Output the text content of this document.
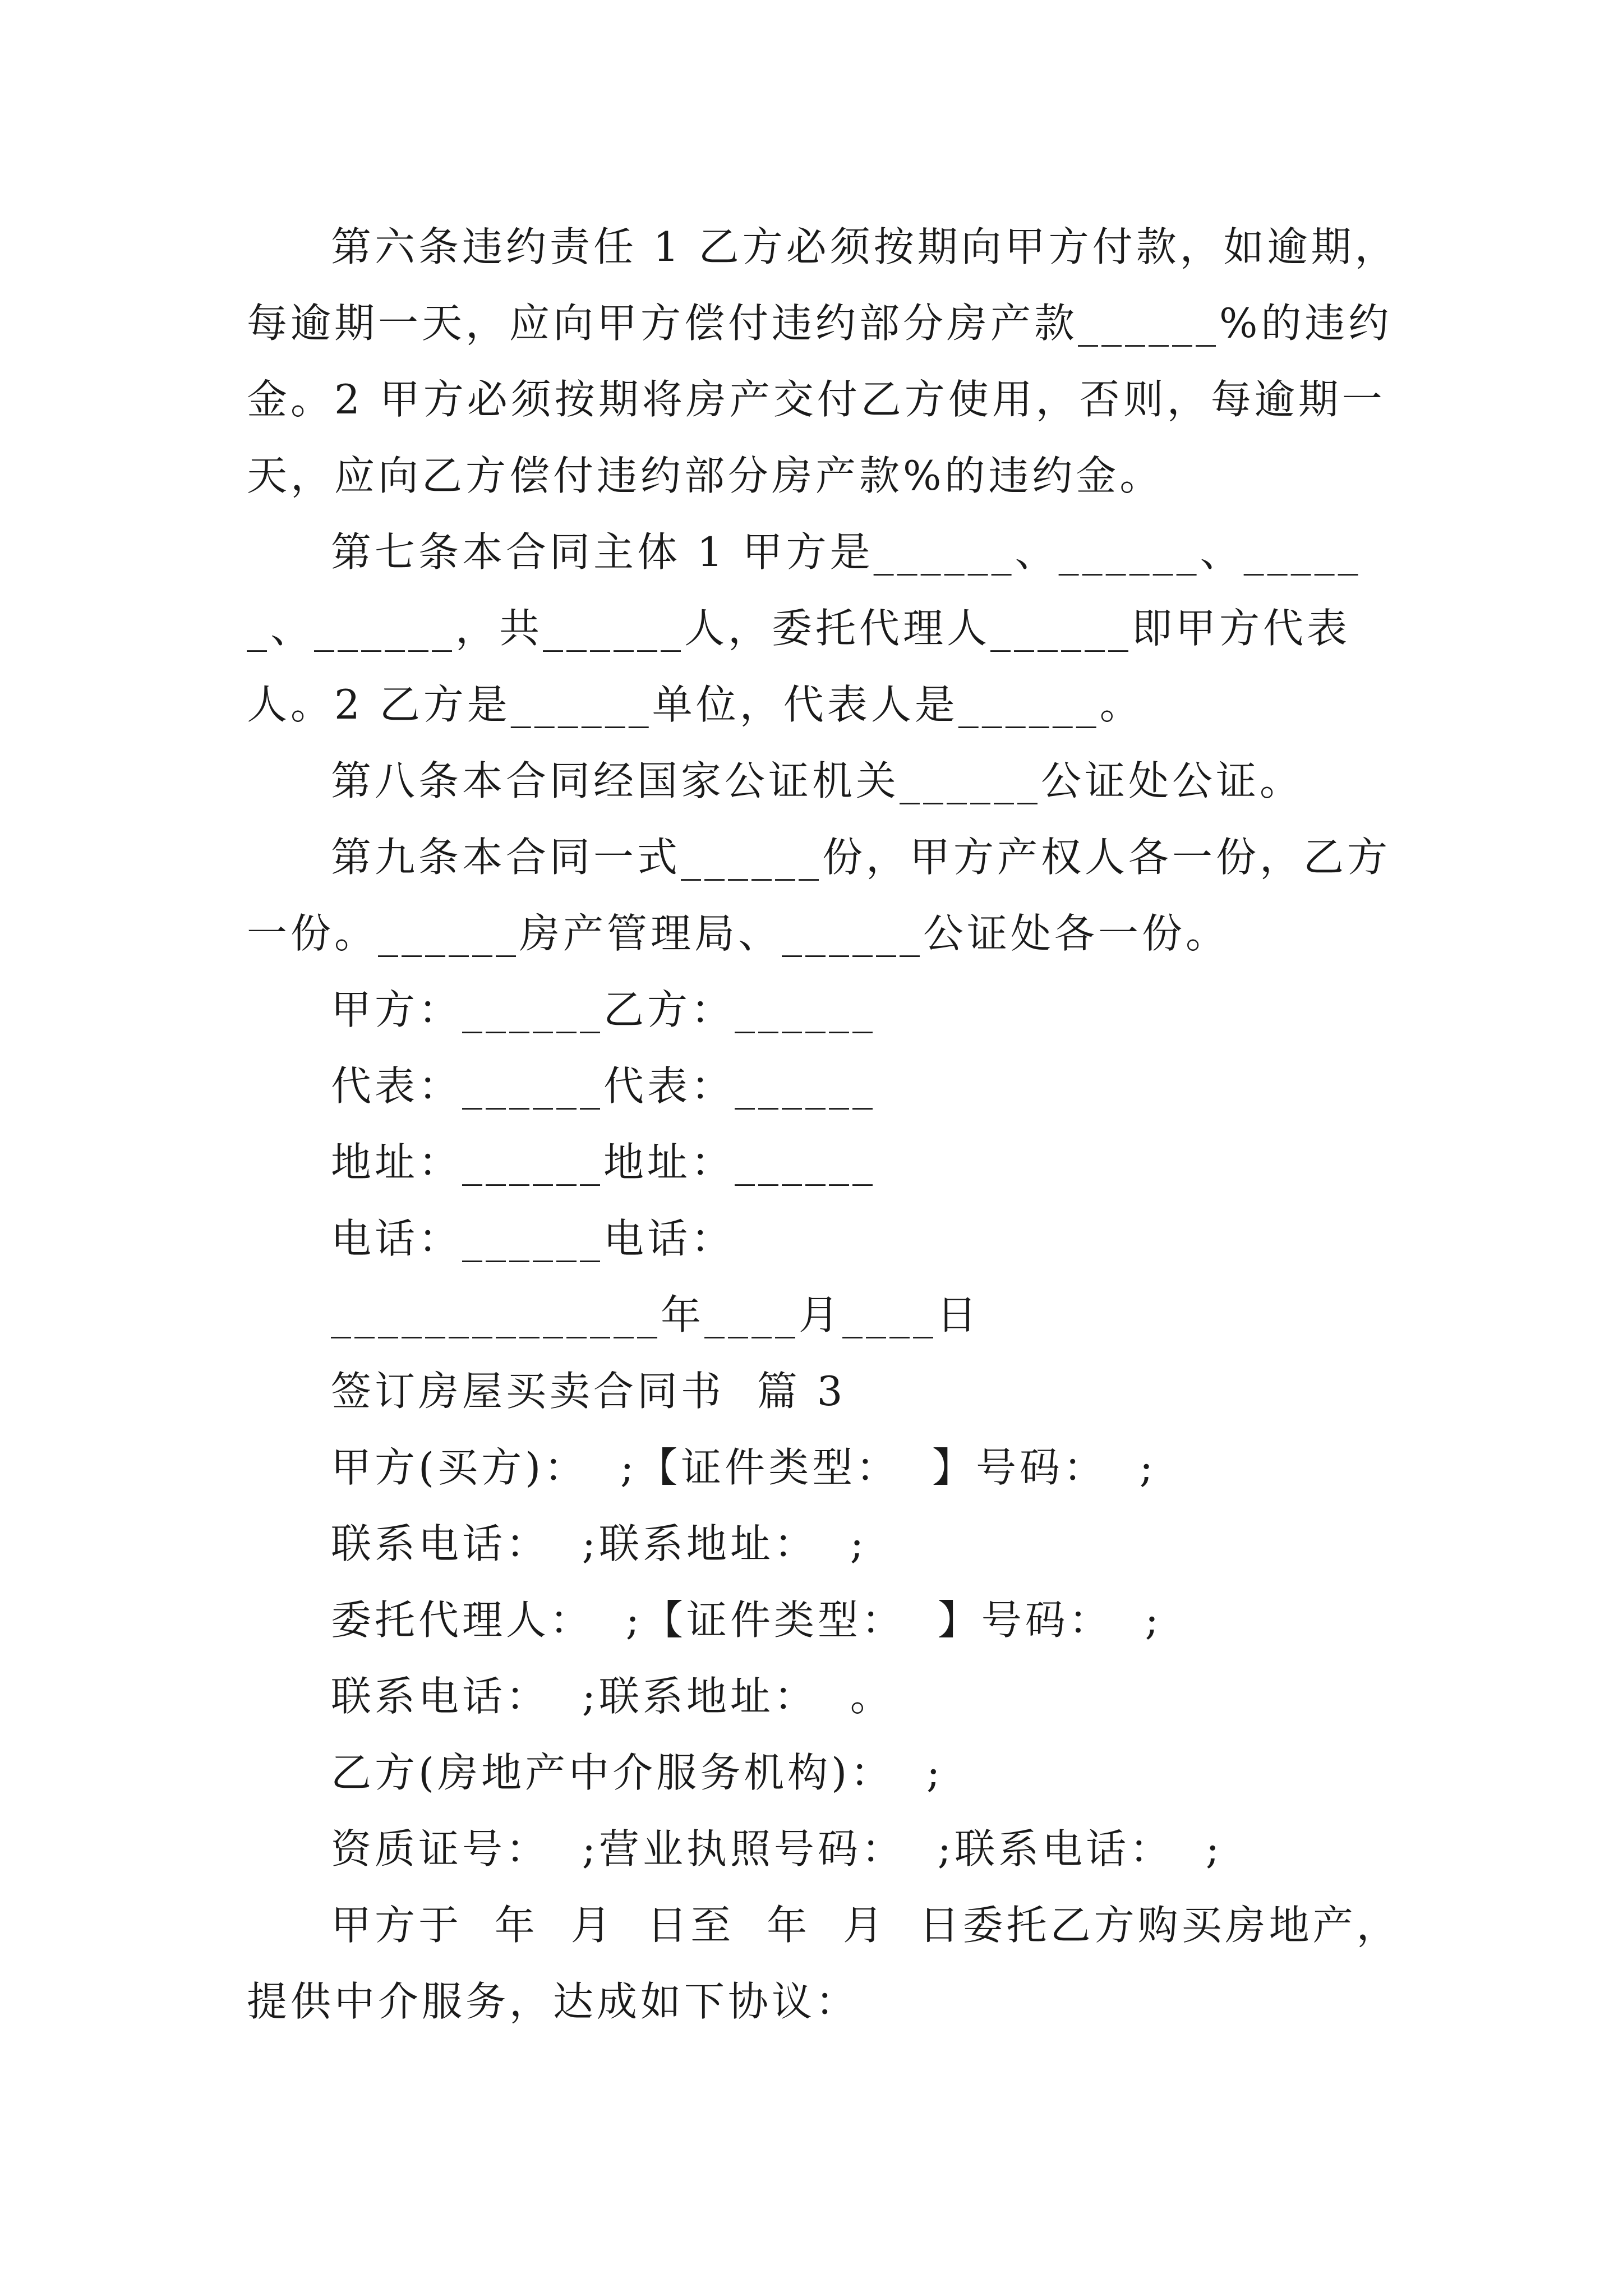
第六条违约责任 1 乙方必须按期向甲方付款，如逾期，每逾期一天，应向甲方偿付违约部分房产款______%的违约金。2 甲方必须按期将房产交付乙方使用，否则，每逾期一天，应向乙方偿付违约部分房产款%的违约金。

第七条本合同主体 1 甲方是______、______、______、______，共______人，委托代理人______即甲方代表人。2 乙方是______单位，代表人是______。

第八条本合同经国家公证机关______公证处公证。

第九条本合同一式______份，甲方产权人各一份，乙方一份。______房产管理局、______公证处各一份。

甲方：______乙方：______

代表：______代表：______

地址：______地址：______

电话：______电话：

______________年____月____日

签订房屋买卖合同书  篇 3

甲方(买方)：  ;【证件类型：  】号码：  ;

联系电话：  ;联系地址：  ;

委托代理人：  ;【证件类型：  】号码：  ;

联系电话：  ;联系地址：  。

乙方(房地产中介服务机构)：  ;

资质证号：  ;营业执照号码：  ;联系电话：  ;

甲方于  年  月  日至  年  月  日委托乙方购买房地产，提供中介服务，达成如下协议：
